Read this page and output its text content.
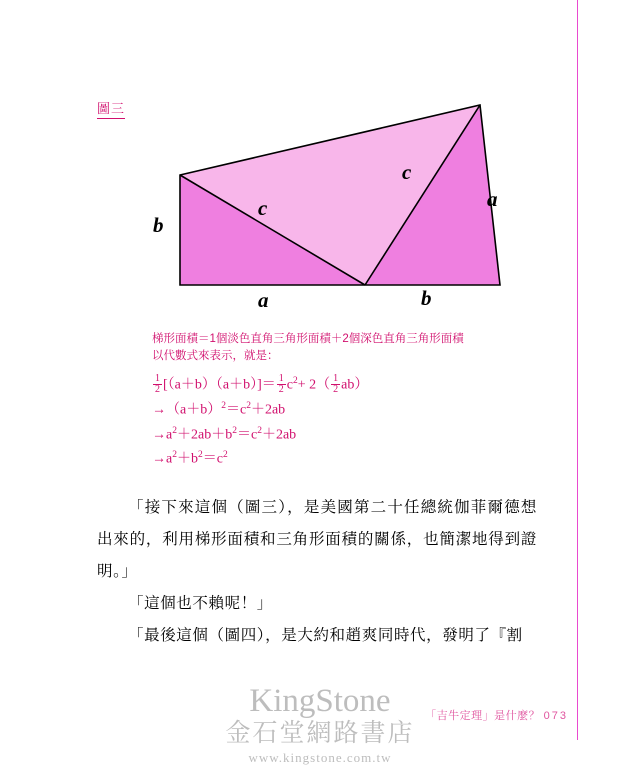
圖三
b
c
c
a
a	b
梯形面積＝1個淡色直角三角形面積＋2個深色直角三角形面積
以代數式來表示，就是：
$\frac{1}{2} [(a+b)(a+b)]= \frac{1}{2} c^2+ 2( \frac{1}{2} ab)$
$\to(a+b)^2=c^2+2ab$
$\to a^2+2ab+b^2=c^2+2ab$
$\to a^2+b^2=c^2$

「接下來這個（圖三），是美國第二十任總統伽菲爾德想出來的，利用梯形面積和三角形面積的關係，也簡潔地得到證明。」

「這個也不賴呢！」

「最後這個（圖四），是大約和趙爽同時代，發明了『割

「吉牛定理」是什麼？ 073
KingStone
金石堂網路書店
www.kingstone.com.tw
